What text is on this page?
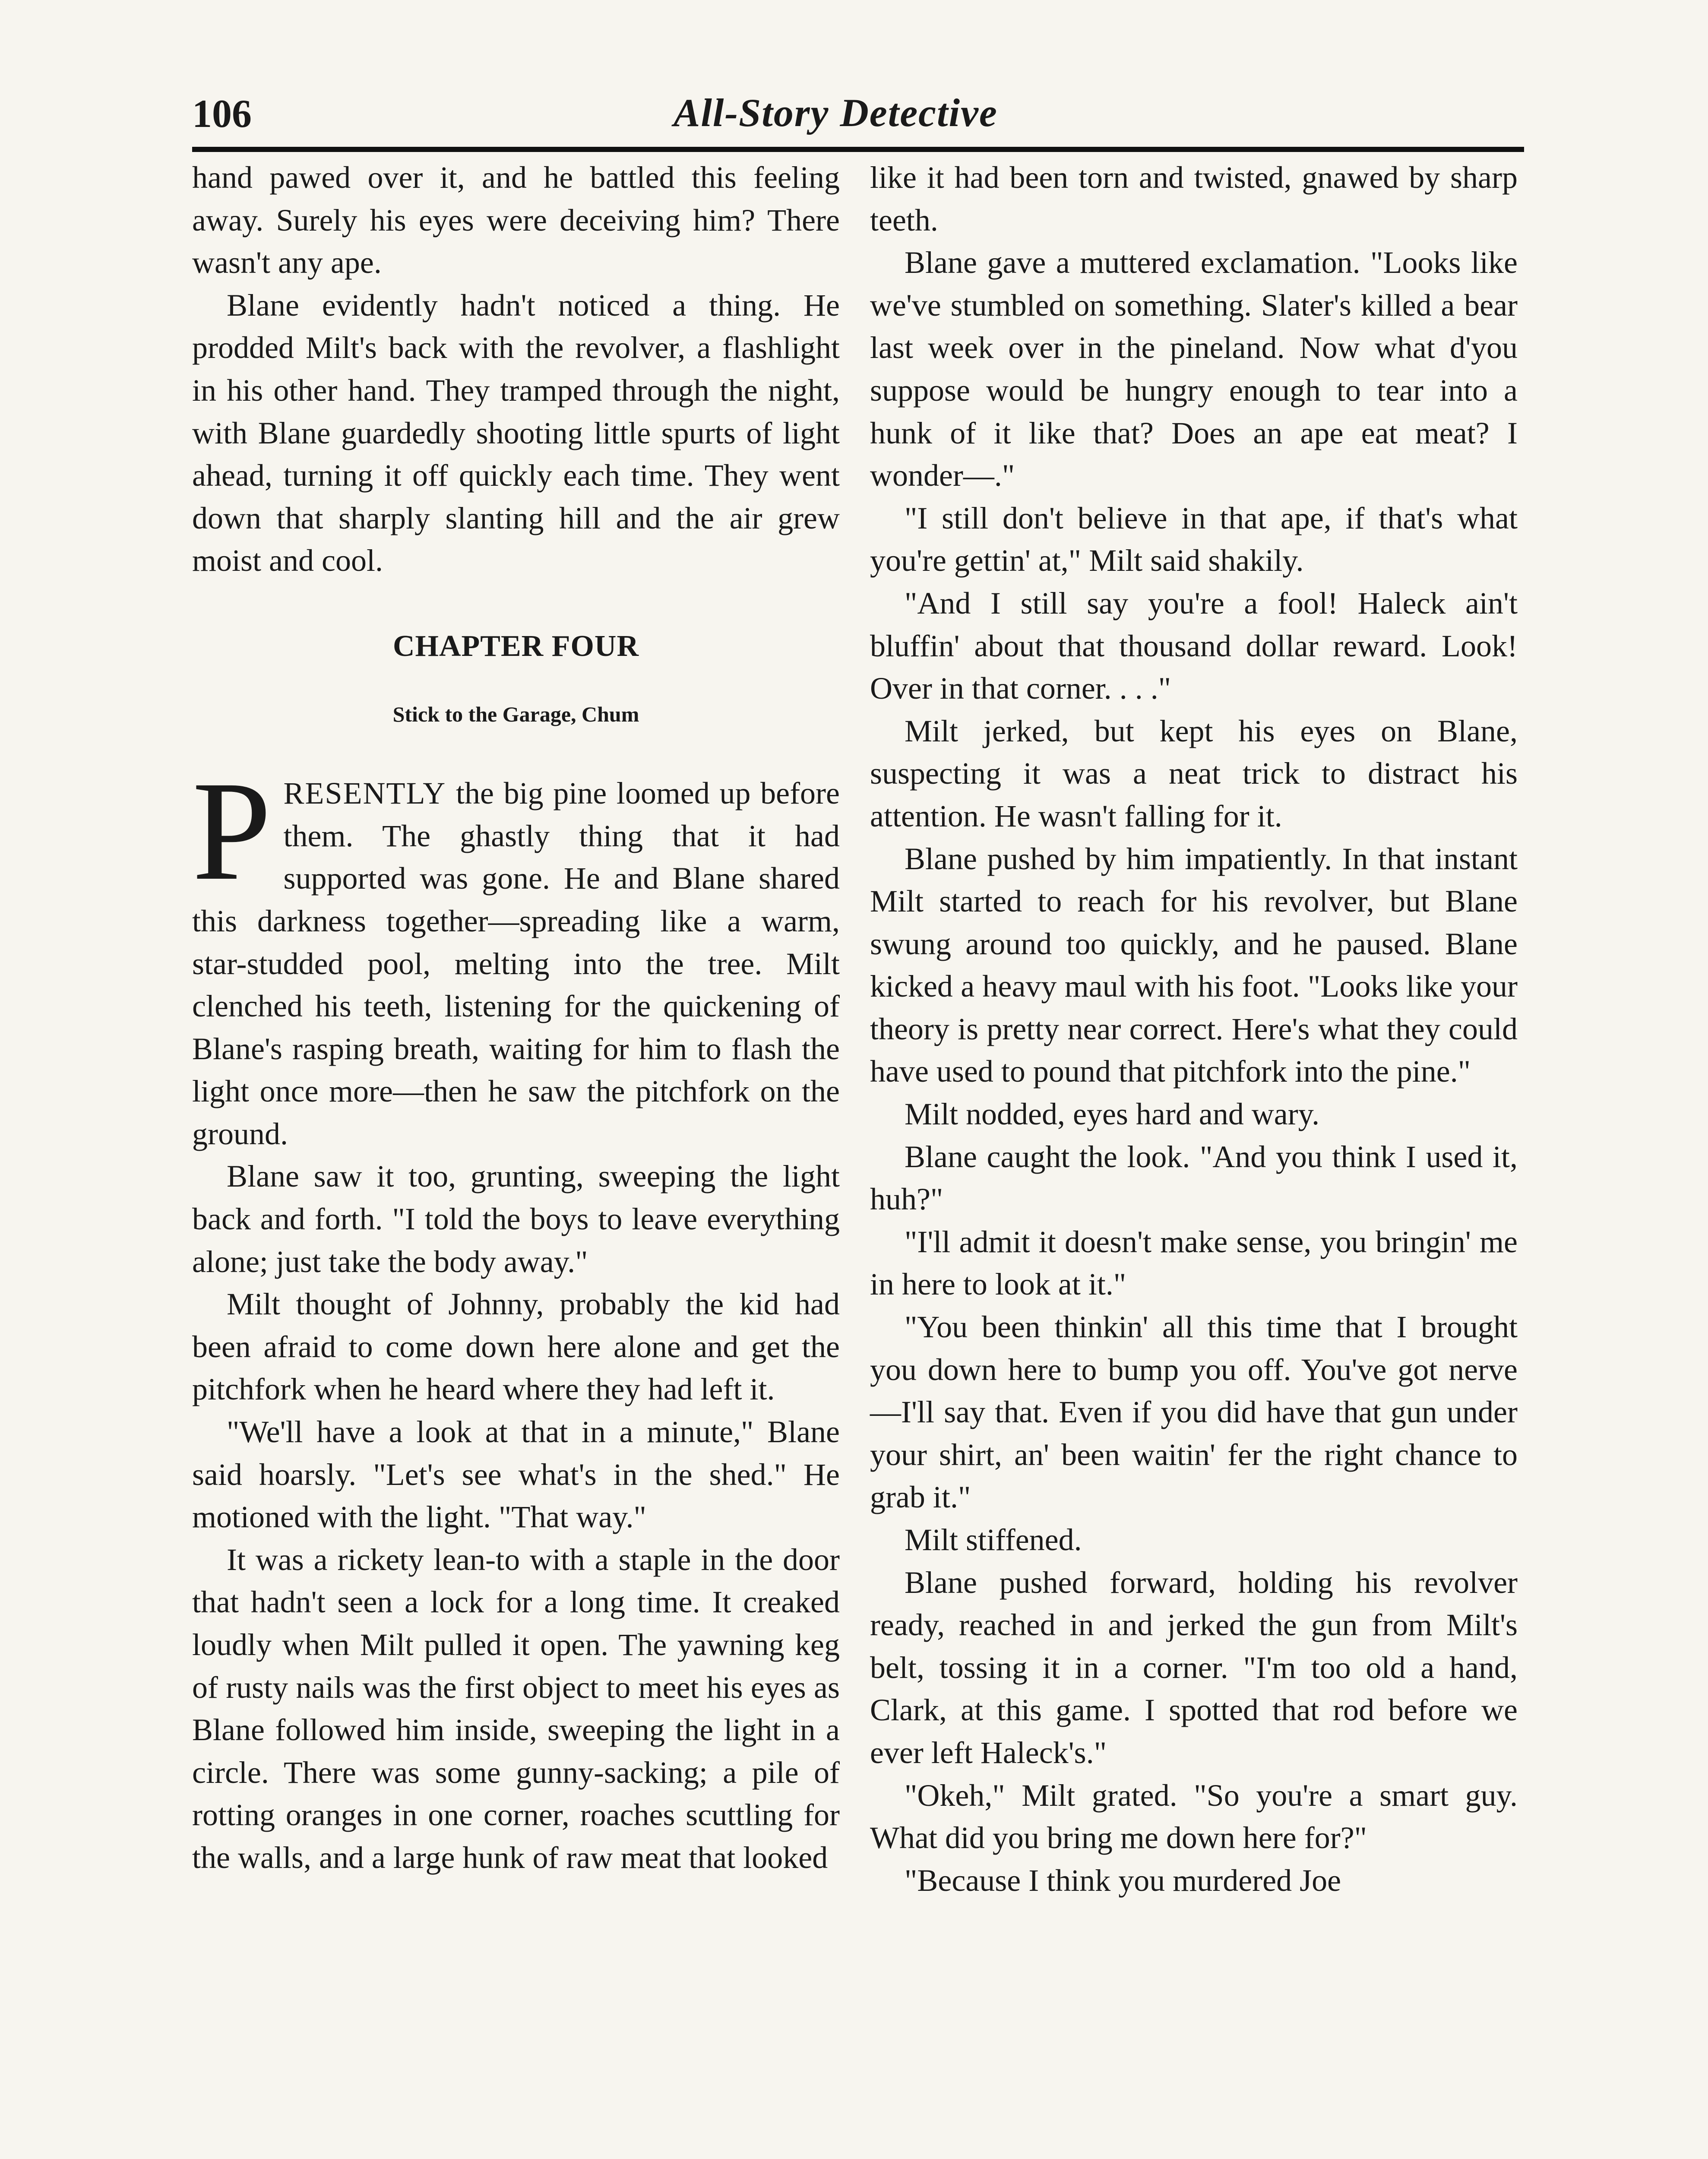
106	All-Story Detective

hand pawed over it, and he battled this feeling away. Surely his eyes were deceiving him? There wasn't any ape.

Blane evidently hadn't noticed a thing. He prodded Milt's back with the revolver, a flashlight in his other hand. They tramped through the night, with Blane guardedly shooting little spurts of light ahead, turning it off quickly each time. They went down that sharply slanting hill and the air grew moist and cool.

CHAPTER FOUR
Stick to the Garage, Chum

PRESENTLY the big pine loomed up before them. The ghastly thing that it had supported was gone. He and Blane shared this darkness together—spreading like a warm, star-studded pool, melting into the tree. Milt clenched his teeth, listening for the quickening of Blane's rasping breath, waiting for him to flash the light once more—then he saw the pitchfork on the ground.

Blane saw it too, grunting, sweeping the light back and forth. "I told the boys to leave everything alone; just take the body away."

Milt thought of Johnny, probably the kid had been afraid to come down here alone and get the pitchfork when he heard where they had left it.

"We'll have a look at that in a minute," Blane said hoarsly. "Let's see what's in the shed." He motioned with the light. "That way."

It was a rickety lean-to with a staple in the door that hadn't seen a lock for a long time. It creaked loudly when Milt pulled it open. The yawning keg of rusty nails was the first object to meet his eyes as Blane followed him inside, sweeping the light in a circle. There was some gunny-sacking; a pile of rotting oranges in one corner, roaches scuttling for the walls, and a large hunk of raw meat that looked

like it had been torn and twisted, gnawed by sharp teeth.

Blane gave a muttered exclamation. "Looks like we've stumbled on something. Slater's killed a bear last week over in the pineland. Now what d'you suppose would be hungry enough to tear into a hunk of it like that? Does an ape eat meat? I wonder—."

"I still don't believe in that ape, if that's what you're gettin' at," Milt said shakily.

"And I still say you're a fool! Haleck ain't bluffin' about that thousand dollar reward. Look! Over in that corner. . . ."

Milt jerked, but kept his eyes on Blane, suspecting it was a neat trick to distract his attention. He wasn't falling for it.

Blane pushed by him impatiently. In that instant Milt started to reach for his revolver, but Blane swung around too quickly, and he paused. Blane kicked a heavy maul with his foot. "Looks like your theory is pretty near correct. Here's what they could have used to pound that pitchfork into the pine."

Milt nodded, eyes hard and wary.

Blane caught the look. "And you think I used it, huh?"

"I'll admit it doesn't make sense, you bringin' me in here to look at it."

"You been thinkin' all this time that I brought you down here to bump you off. You've got nerve—I'll say that. Even if you did have that gun under your shirt, an' been waitin' fer the right chance to grab it."

Milt stiffened.

Blane pushed forward, holding his revolver ready, reached in and jerked the gun from Milt's belt, tossing it in a corner. "I'm too old a hand, Clark, at this game. I spotted that rod before we ever left Haleck's."

"Okeh," Milt grated. "So you're a smart guy. What did you bring me down here for?"

"Because I think you murdered Joe
